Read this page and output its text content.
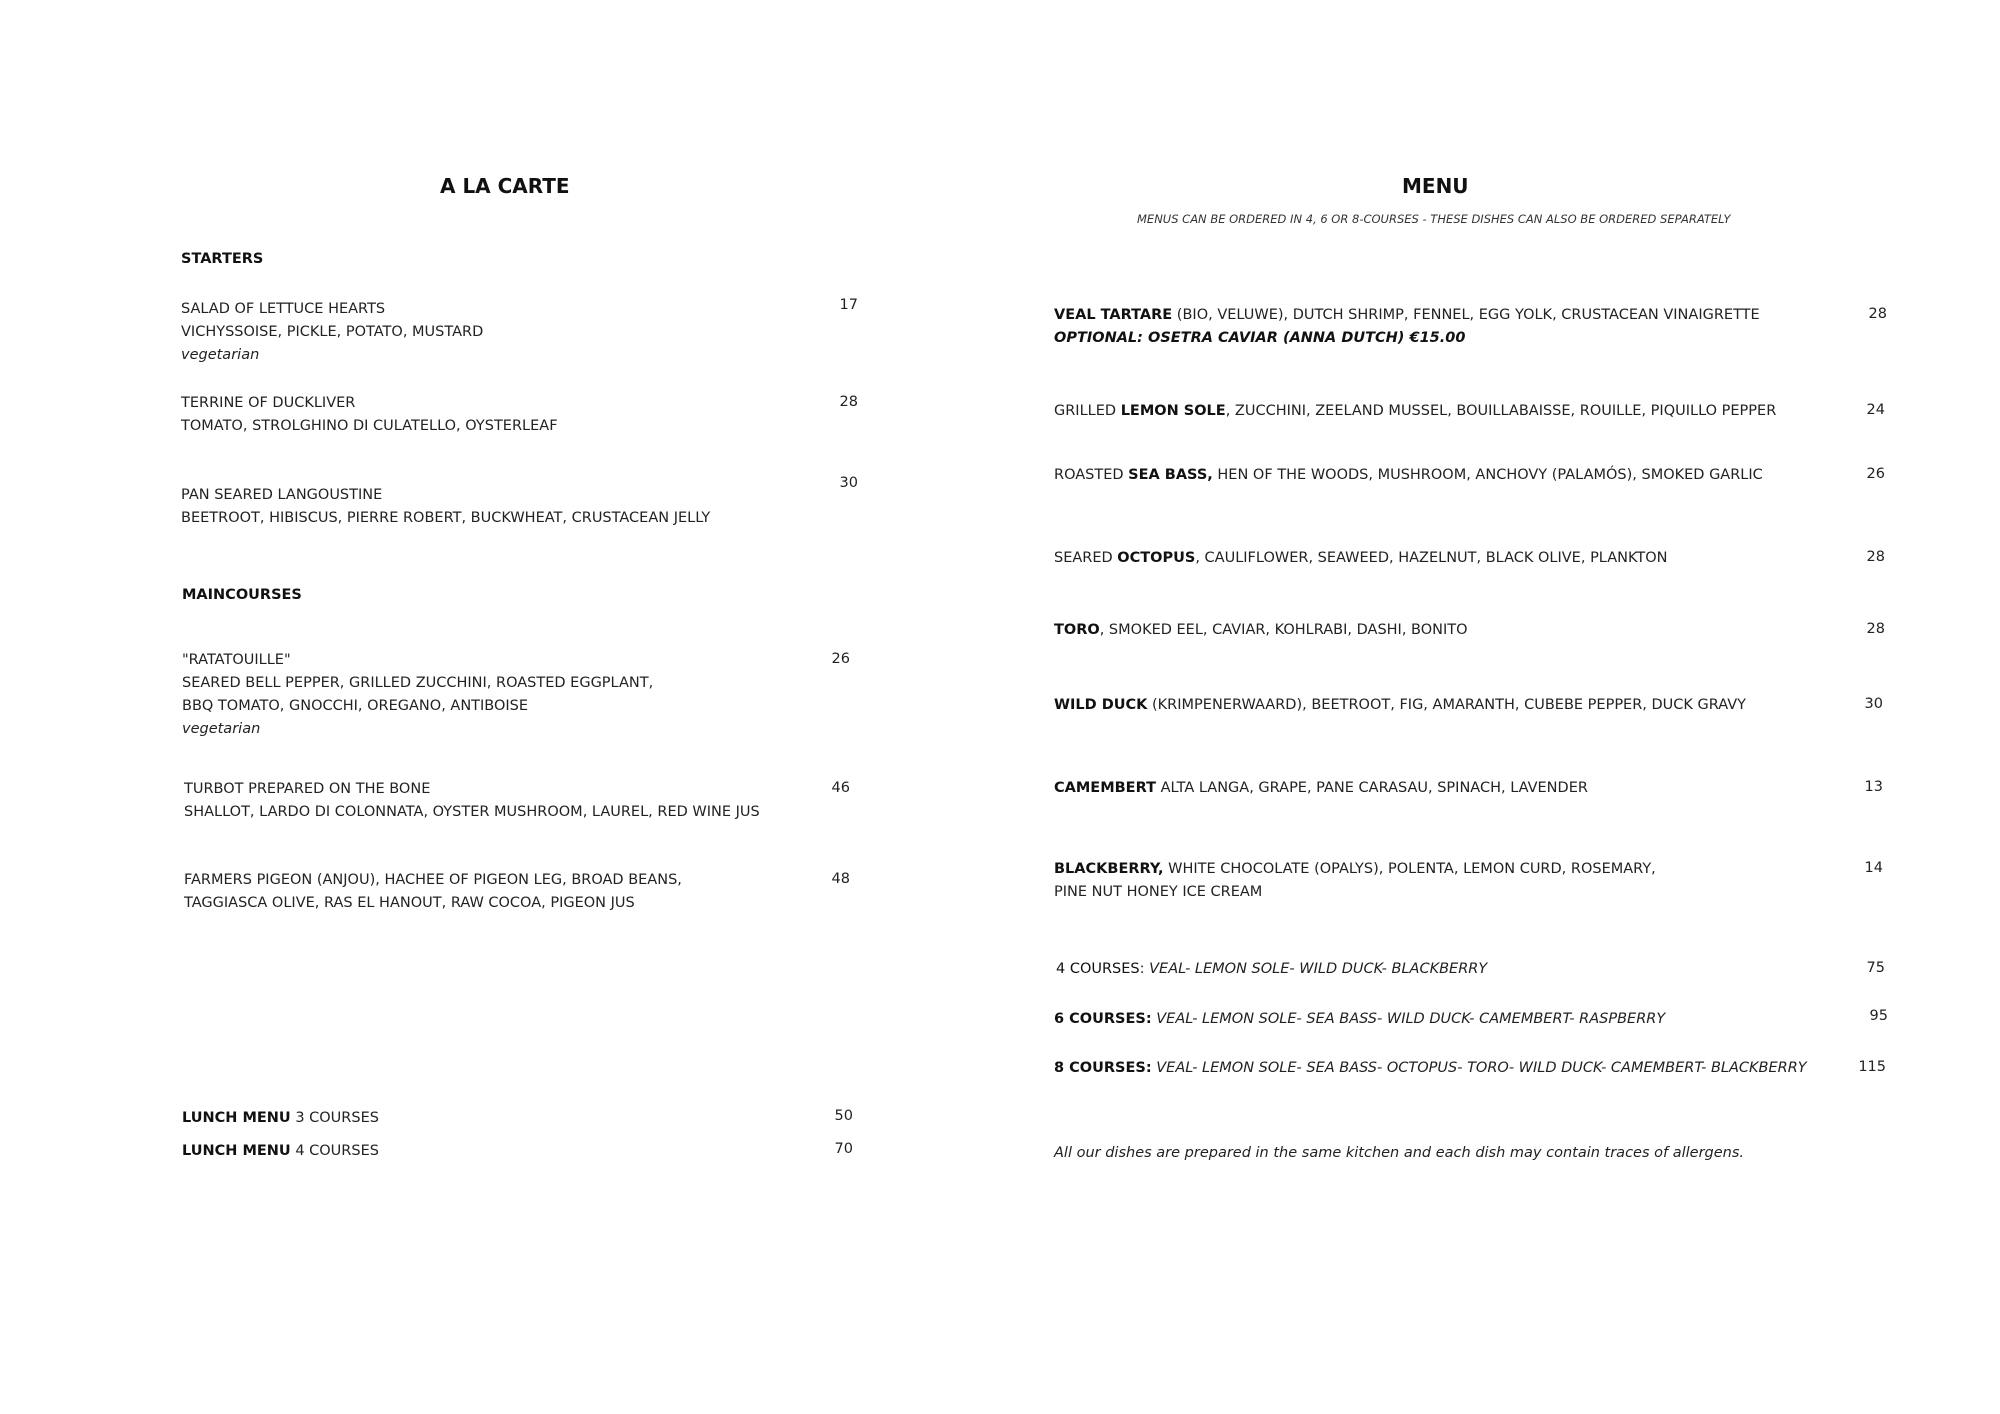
A LA CARTE
STARTERS
SALAD OF LETTUCE HEARTS
VICHYSSOISE, PICKLE, POTATO, MUSTARD
vegetarian
17
TERRINE OF DUCKLIVER
TOMATO, STROLGHINO DI CULATELLO, OYSTERLEAF
28
PAN SEARED LANGOUSTINE
BEETROOT, HIBISCUS, PIERRE ROBERT, BUCKWHEAT, CRUSTACEAN JELLY
30
MAINCOURSES
"RATATOUILLE"
SEARED BELL PEPPER, GRILLED ZUCCHINI, ROASTED EGGPLANT,
BBQ TOMATO, GNOCCHI, OREGANO, ANTIBOISE
vegetarian
26
TURBOT PREPARED ON THE BONE
SHALLOT, LARDO DI COLONNATA, OYSTER MUSHROOM, LAUREL, RED WINE JUS
46
FARMERS PIGEON (ANJOU), HACHEE OF PIGEON LEG, BROAD BEANS,
TAGGIASCA OLIVE, RAS EL HANOUT, RAW COCOA, PIGEON JUS
48
LUNCH MENU 3 COURSES	50
LUNCH MENU 4 COURSES	70
MENU
MENUS CAN BE ORDERED IN 4, 6 OR 8-COURSES - THESE DISHES CAN ALSO BE ORDERED SEPARATELY
VEAL TARTARE (BIO, VELUWE), DUTCH SHRIMP, FENNEL, EGG YOLK, CRUSTACEAN VINAIGRETTE
OPTIONAL: OSETRA CAVIAR (ANNA DUTCH) €15.00
28
GRILLED LEMON SOLE, ZUCCHINI, ZEELAND MUSSEL, BOUILLABAISSE, ROUILLE, PIQUILLO PEPPER	24
ROASTED SEA BASS, HEN OF THE WOODS, MUSHROOM, ANCHOVY (PALAMÓS), SMOKED GARLIC	26
SEARED OCTOPUS, CAULIFLOWER, SEAWEED, HAZELNUT, BLACK OLIVE, PLANKTON	28
TORO, SMOKED EEL, CAVIAR, KOHLRABI, DASHI, BONITO	28
WILD DUCK (KRIMPENERWAARD), BEETROOT, FIG, AMARANTH, CUBEBE PEPPER, DUCK GRAVY	30
CAMEMBERT ALTA LANGA, GRAPE, PANE CARASAU, SPINACH, LAVENDER	13
BLACKBERRY, WHITE CHOCOLATE (OPALYS), POLENTA, LEMON CURD, ROSEMARY,
PINE NUT HONEY ICE CREAM
14
4 COURSES: VEAL- LEMON SOLE- WILD DUCK- BLACKBERRY	75
6 COURSES: VEAL- LEMON SOLE- SEA BASS- WILD DUCK- CAMEMBERT- RASPBERRY	95
8 COURSES: VEAL- LEMON SOLE- SEA BASS- OCTOPUS- TORO- WILD DUCK- CAMEMBERT- BLACKBERRY	115
All our dishes are prepared in the same kitchen and each dish may contain traces of allergens.
